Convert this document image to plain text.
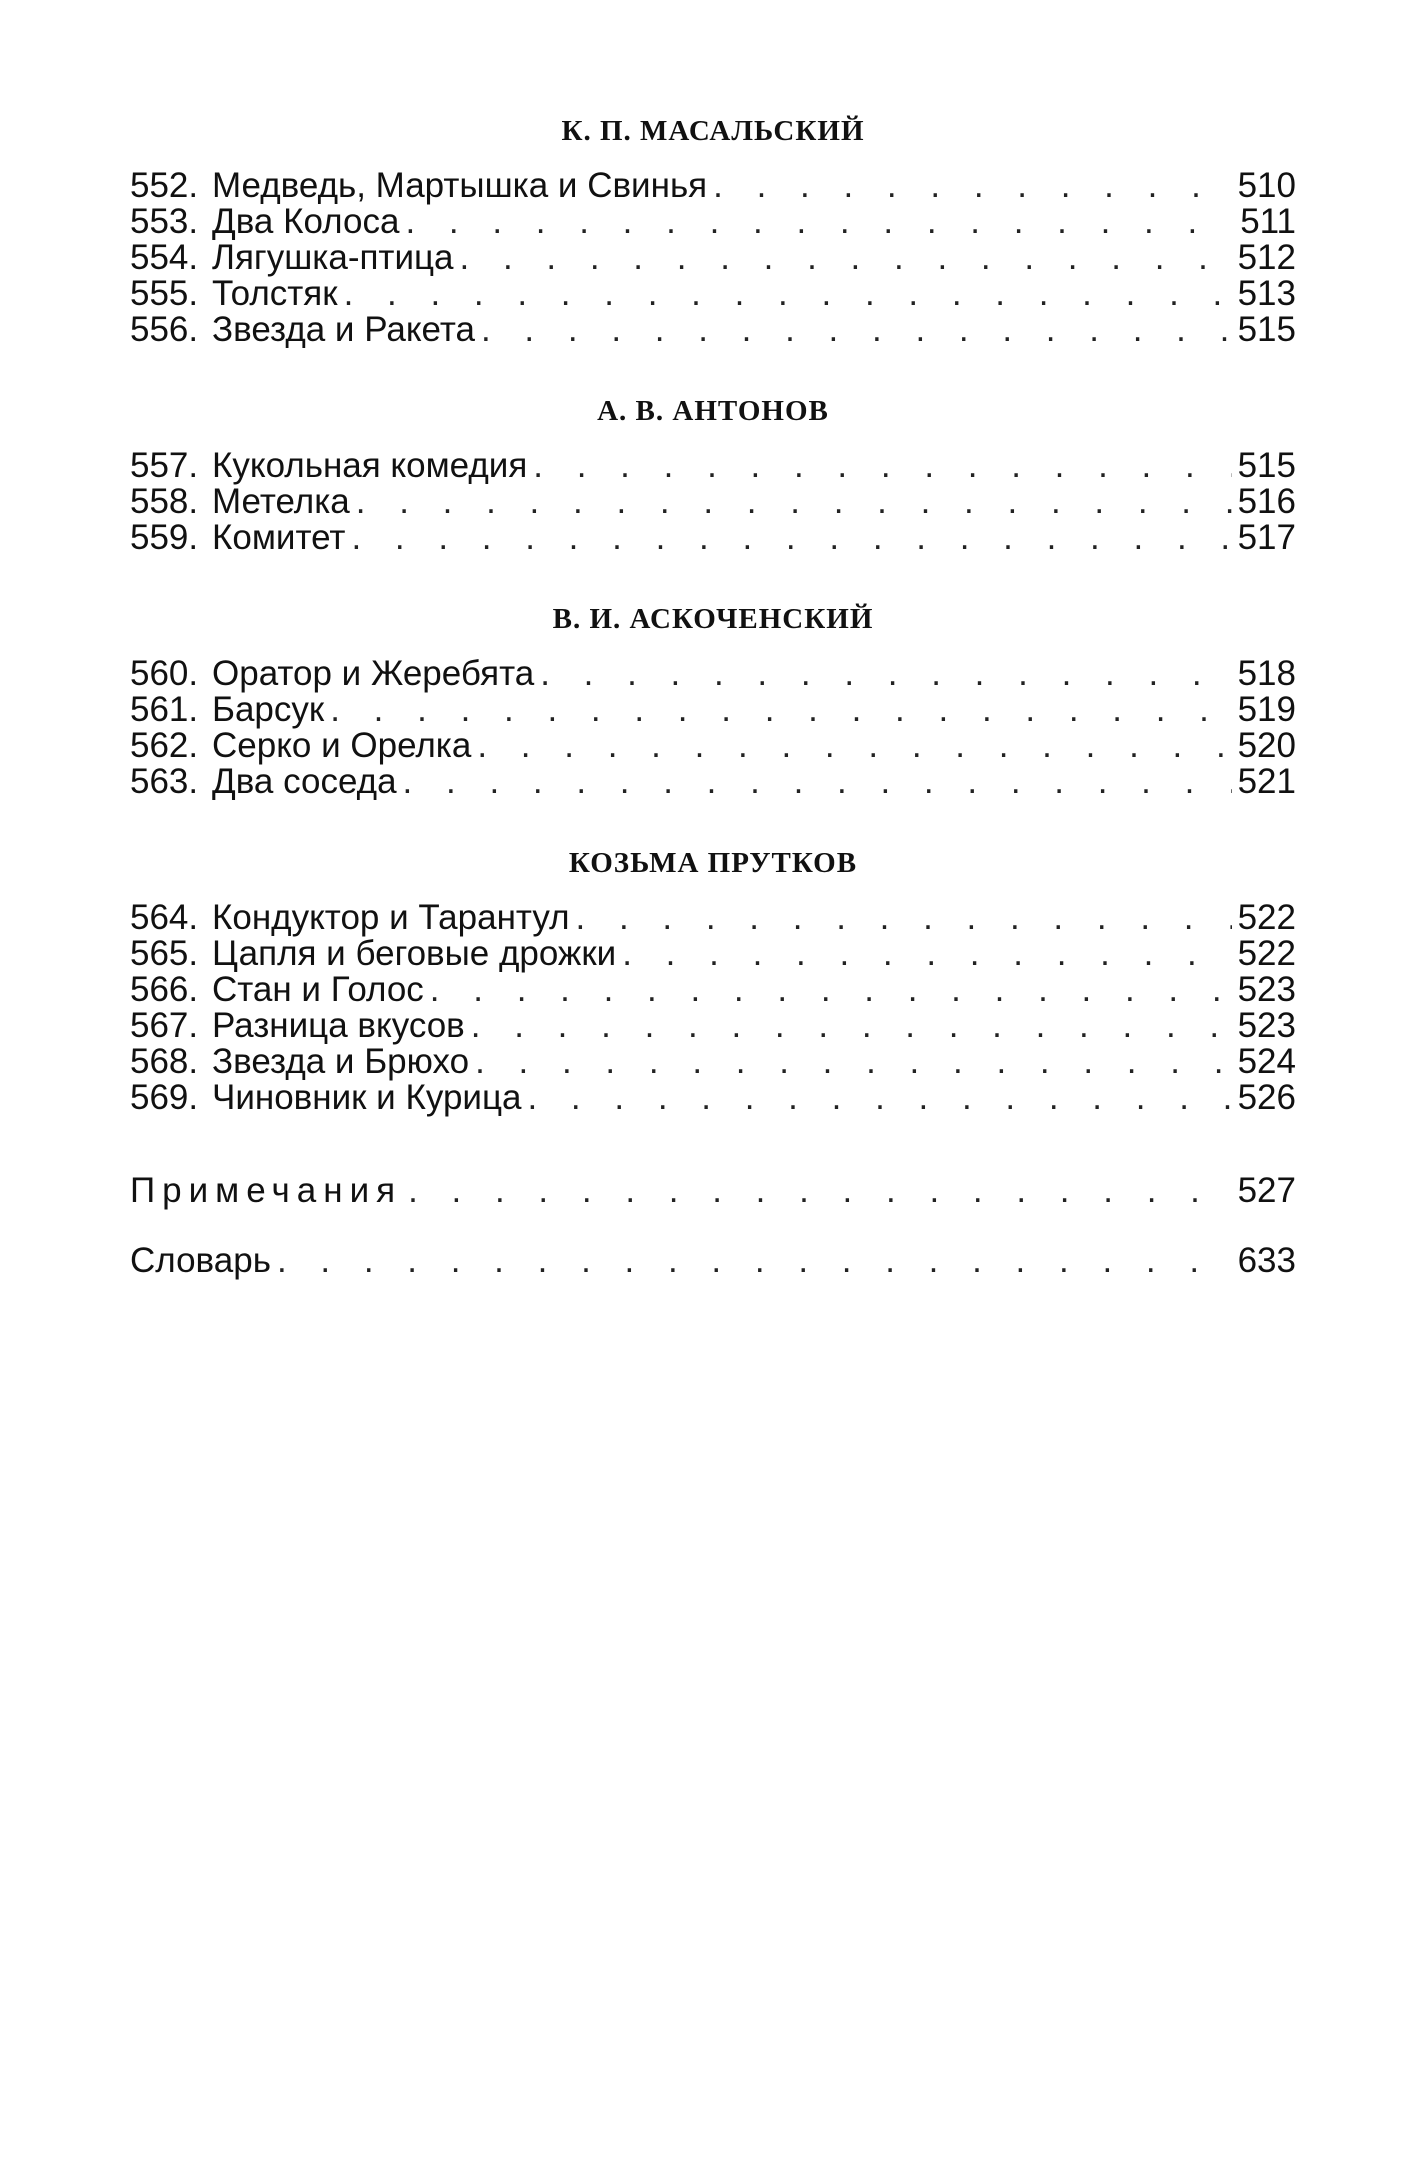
К. П. МАСАЛЬСКИЙ
552. Медведь, Мартышка и Свинья . . .	510
553. Два Колоса . . .	511
554. Лягушка-птица . . .	512
555. Толстяк . . .	513
556. Звезда и Ракета . . .	515
А. В. АНТОНОВ
557. Кукольная комедия . . .	515
558. Метелка . . .	516
559. Комитет . . .	517
В. И. АСКОЧЕНСКИЙ
560. Оратор и Жеребята . . .	518
561. Барсук . . .	519
562. Серко и Орелка . . .	520
563. Два соседа . . .	521
КОЗЬМА ПРУТКОВ
564. Кондуктор и Тарантул . . .	522
565. Цапля и беговые дрожки . . .	522
566. Стан и Голос . . .	523
567. Разница вкусов . . .	523
568. Звезда и Брюхо . . .	524
569. Чиновник и Курица . . .	526
Примечания . . .	527
Словарь . . .	633
